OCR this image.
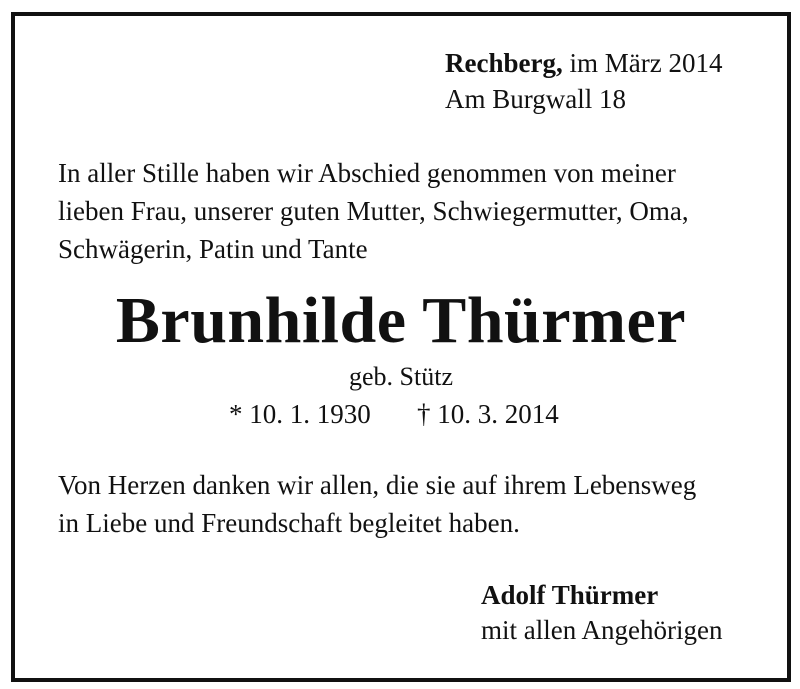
Rechberg, im März 2014
Am Burgwall 18
In aller Stille haben wir Abschied genommen von meiner
lieben Frau, unserer guten Mutter, Schwiegermutter, Oma,
Schwägerin, Patin und Tante
Brunhilde Thürmer
geb. Stütz
* 10. 1. 1930 † 10. 3. 2014
Von Herzen danken wir allen, die sie auf ihrem Lebensweg
in Liebe und Freundschaft begleitet haben.
Adolf Thürmer
mit allen Angehörigen
